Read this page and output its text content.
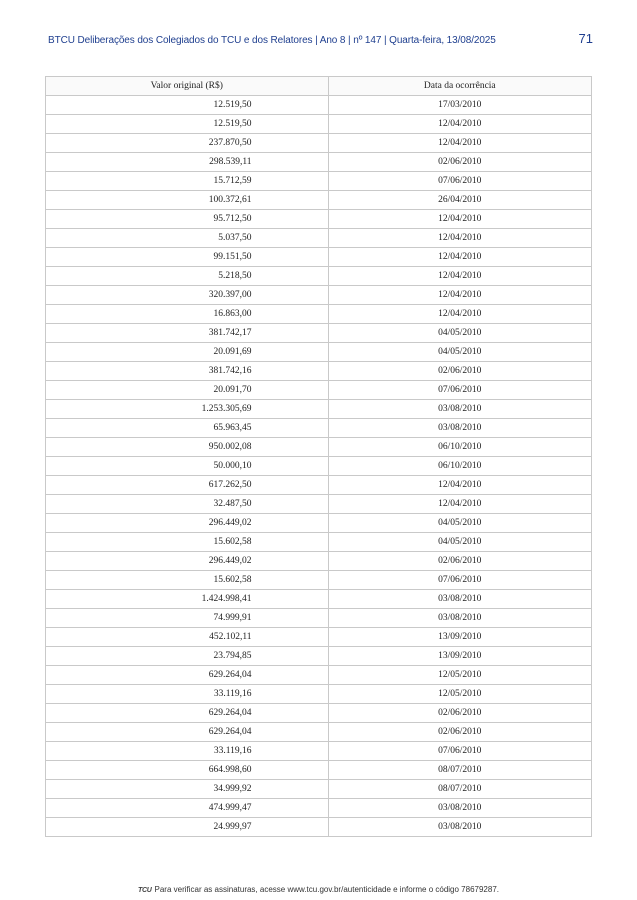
BTCU Deliberações dos Colegiados do TCU e dos Relatores | Ano 8 | nº 147 | Quarta-feira, 13/08/2025	71
Valor original (R$)	Data da ocorrência
12.519,50	17/03/2010
12.519,50	12/04/2010
237.870,50	12/04/2010
298.539,11	02/06/2010
15.712,59	07/06/2010
100.372,61	26/04/2010
95.712,50	12/04/2010
5.037,50	12/04/2010
99.151,50	12/04/2010
5.218,50	12/04/2010
320.397,00	12/04/2010
16.863,00	12/04/2010
381.742,17	04/05/2010
20.091,69	04/05/2010
381.742,16	02/06/2010
20.091,70	07/06/2010
1.253.305,69	03/08/2010
65.963,45	03/08/2010
950.002,08	06/10/2010
50.000,10	06/10/2010
617.262,50	12/04/2010
32.487,50	12/04/2010
296.449,02	04/05/2010
15.602,58	04/05/2010
296.449,02	02/06/2010
15.602,58	07/06/2010
1.424.998,41	03/08/2010
74.999,91	03/08/2010
452.102,11	13/09/2010
23.794,85	13/09/2010
629.264,04	12/05/2010
33.119,16	12/05/2010
629.264,04	02/06/2010
629.264,04	02/06/2010
33.119,16	07/06/2010
664.998,60	08/07/2010
34.999,92	08/07/2010
474.999,47	03/08/2010
24.999,97	03/08/2010
TCU Para verificar as assinaturas, acesse www.tcu.gov.br/autenticidade e informe o código 78679287.
